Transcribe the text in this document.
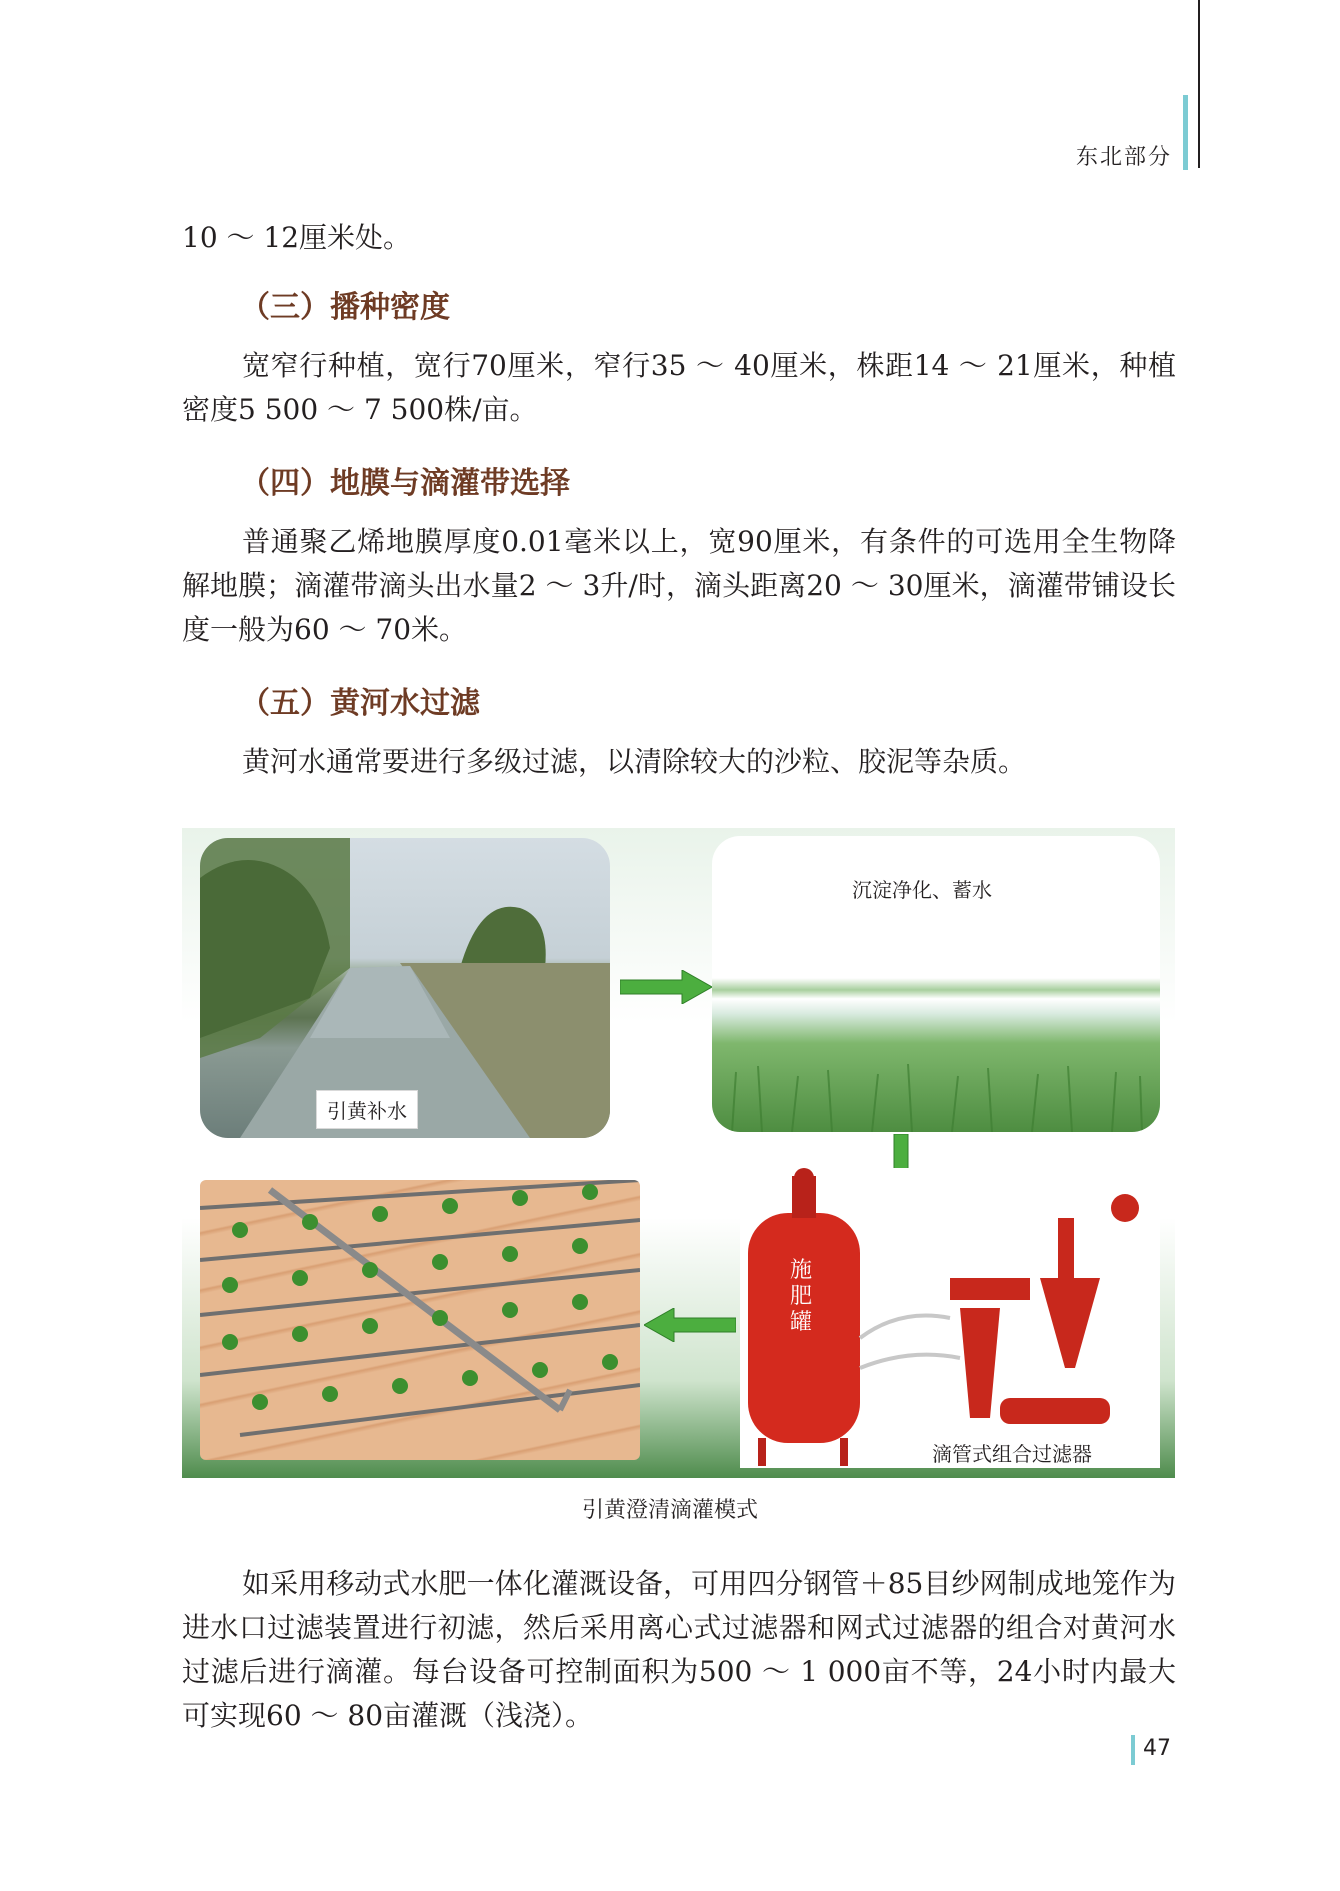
东北部分

10 ～ 12厘米处。

（三）播种密度

宽窄行种植，宽行70厘米，窄行35 ～ 40厘米，株距14 ～ 21厘米，种植密度5 500 ～ 7 500株/亩。

（四）地膜与滴灌带选择

普通聚乙烯地膜厚度0.01毫米以上，宽90厘米，有条件的可选用全生物降解地膜；滴灌带滴头出水量2 ～ 3升/时，滴头距离20 ～ 30厘米，滴灌带铺设长度一般为60 ～ 70米。

（五）黄河水过滤

黄河水通常要进行多级过滤，以清除较大的沙粒、胶泥等杂质。

引黄补水
沉淀净化、蓄水
施肥罐
滴管式组合过滤器
引黄澄清滴灌模式

如采用移动式水肥一体化灌溉设备，可用四分钢管＋85目纱网制成地笼作为进水口过滤装置进行初滤，然后采用离心式过滤器和网式过滤器的组合对黄河水过滤后进行滴灌。每台设备可控制面积为500 ～ 1 000亩不等，24小时内最大可实现60 ～ 80亩灌溉（浅浇）。

47
